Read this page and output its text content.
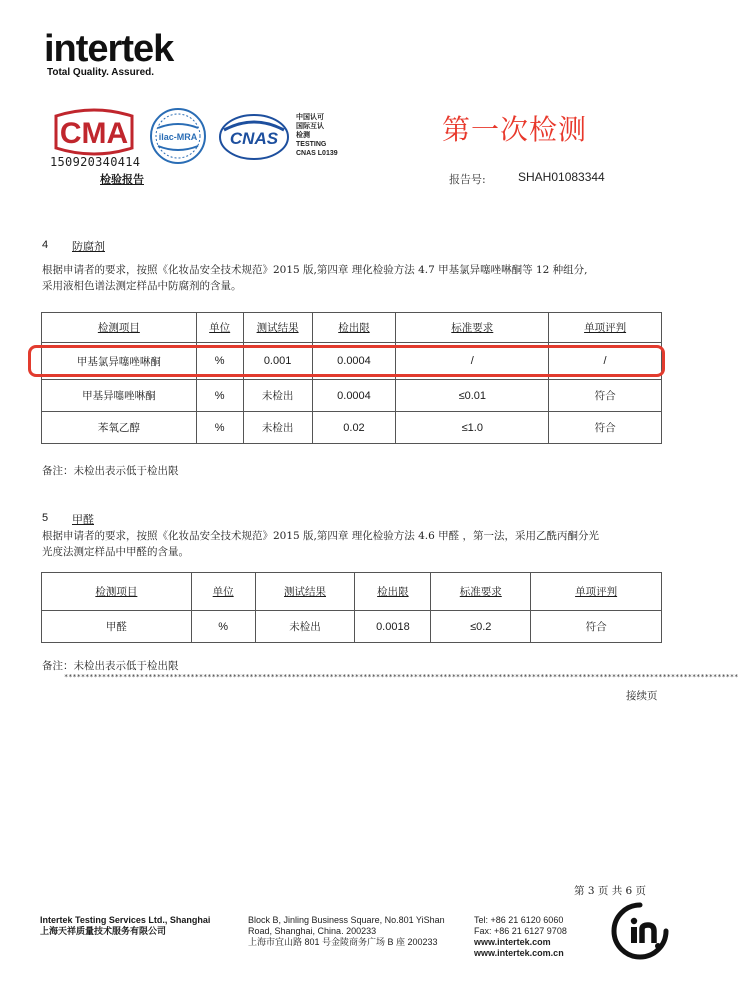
intertek
Total Quality. Assured.
CMA
150920340414
ilac-MRA CNAS
中国认可
国际互认
检测
TESTING
CNAS L0139
检验报告
第一次检测
报告号:	SHAH01083344
4 防腐剂
根据申请者的要求，按照《化妆品安全技术规范》2015 版,第四章 理化检验方法 4.7 甲基氯异噻唑啉酮等 12 种组分,
采用液相色谱法测定样品中防腐剂的含量。
检测项目	单位	测试结果	检出限	标准要求	单项评判
甲基氯异噻唑啉酮	%	0.001	0.0004	/	/
甲基异噻唑啉酮	%	未检出	0.0004	≤0.01	符合
苯氧乙醇	%	未检出	0.02	≤1.0	符合
备注：未检出表示低于检出限
5 甲醛
根据申请者的要求，按照《化妆品安全技术规范》2015 版,第四章 理化检验方法 4.6 甲醛 ，第一法，采用乙酰丙酮分光
光度法测定样品中甲醛的含量。
检测项目	单位	测试结果	检出限	标准要求	单项评判
甲醛	%	未检出	0.0018	≤0.2	符合
备注：未检出表示低于检出限
****************************************************************************************************************************************************************
接续页
第 3 页 共 6 页
Intertek Testing Services Ltd., Shanghai
上海天祥质量技术服务有限公司
Block B, Jinling Business Square, No.801 YiShan
Road, Shanghai, China. 200233
上海市宜山路 801 号金陵商务广场 B 座 200233
Tel: +86 21 6120 6060
Fax: +86 21 6127 9708
www.intertek.com
www.intertek.com.cn
